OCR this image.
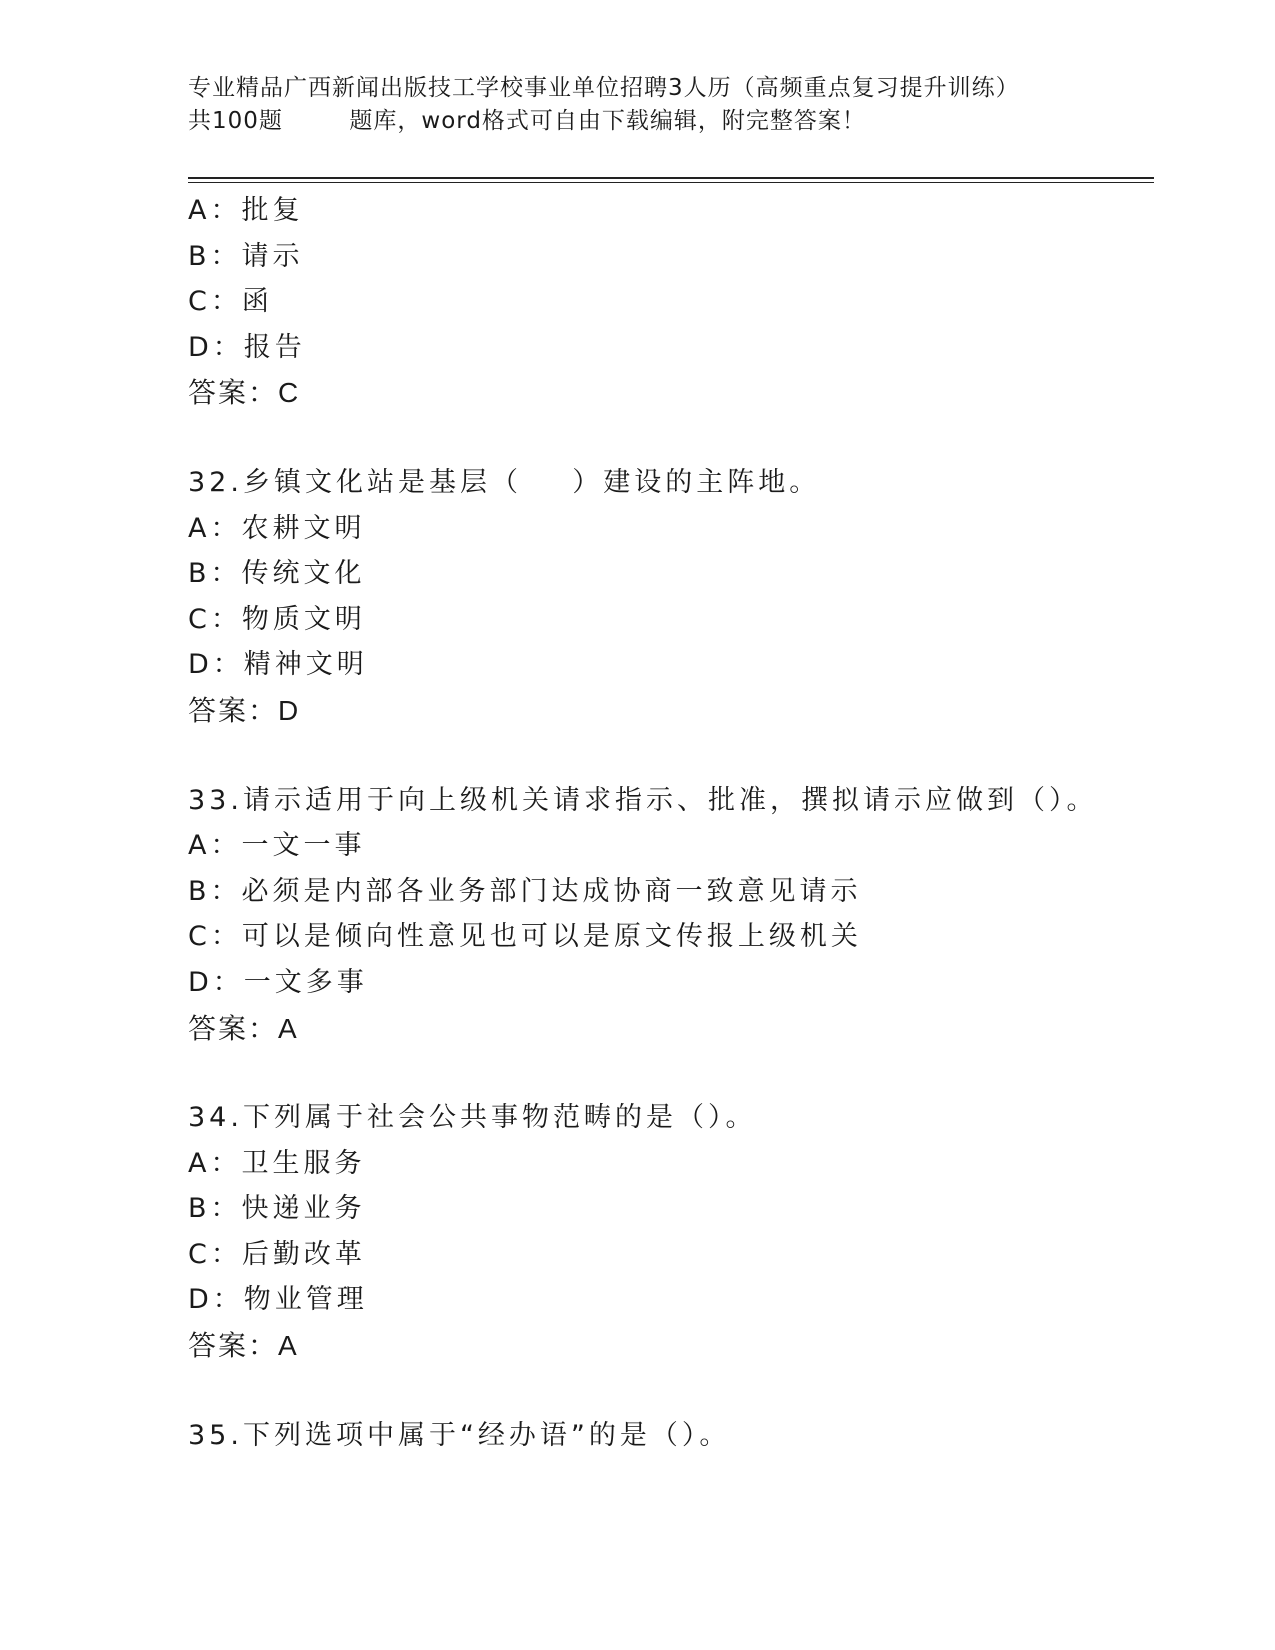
专业精品广西新闻出版技工学校事业单位招聘3人历（高频重点复习提升训练）
共100题        题库，word格式可自由下载编辑，附完整答案！
A：批复
B：请示
C：函
D：报告
答案：C
32.乡镇文化站是基层（    ）建设的主阵地。
A：农耕文明
B：传统文化
C：物质文明
D：精神文明
答案：D
33.请示适用于向上级机关请求指示、批准，撰拟请示应做到（）。
A：一文一事
B：必须是内部各业务部门达成协商一致意见请示
C：可以是倾向性意见也可以是原文传报上级机关
D：一文多事
答案：A
34.下列属于社会公共事物范畴的是（）。
A：卫生服务
B：快递业务
C：后勤改革
D：物业管理
答案：A
35.下列选项中属于“经办语”的是（）。
